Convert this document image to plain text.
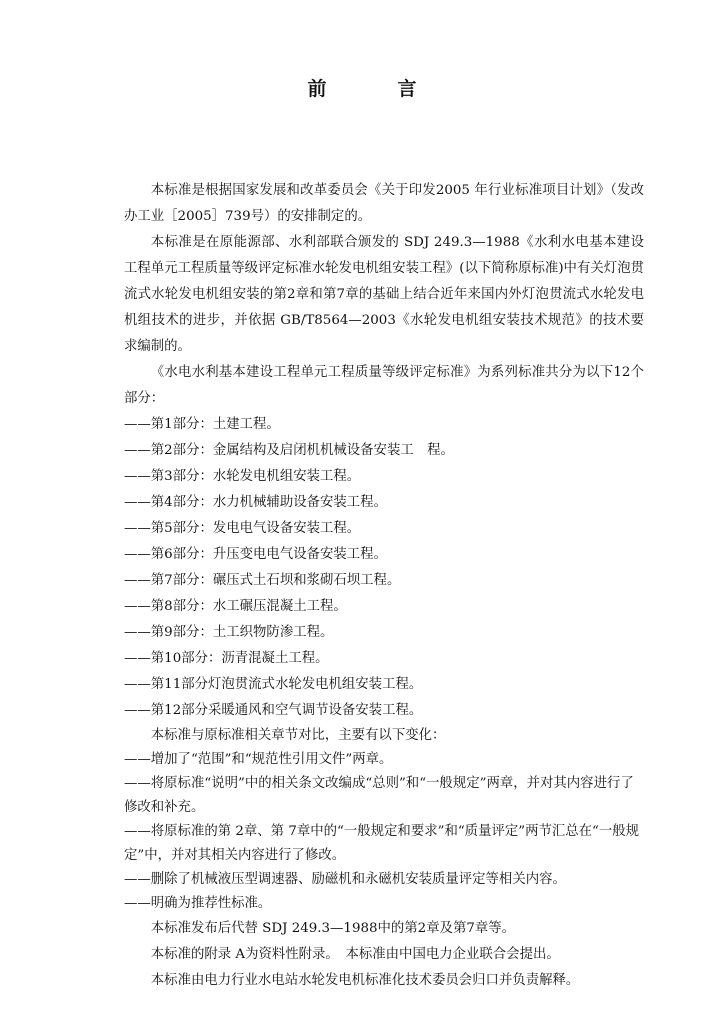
前　言

本标准是根据国家发展和改革委员会《关于印发2005 年行业标准项目计划》（发改办工业［2005］739号）的安排制定的。

本标准是在原能源部、水利部联合颁发的 SDJ 249.3—1988《水利水电基本建设工程单元工程质量等级评定标准水轮发电机组安装工程》(以下简称原标准)中有关灯泡贯流式水轮发电机组安装的第2章和第7章的基础上结合近年来国内外灯泡贯流式水轮发电机组技术的进步，并依据 GB/T8564—2003《水轮发电机组安装技术规范》的技术要求编制的。

《水电水利基本建设工程单元工程质量等级评定标准》为系列标准共分为以下12个部分：

——第1部分：土建工程。

——第2部分：金属结构及启闭机机械设备安装工　程。

——第3部分：水轮发电机组安装工程。

——第4部分：水力机械辅助设备安装工程。

——第5部分：发电电气设备安装工程。

——第6部分：升压变电电气设备安装工程。

——第7部分：碾压式土石坝和浆砌石坝工程。

——第8部分：水工碾压混凝土工程。

——第9部分：土工织物防渗工程。

——第10部分：沥青混凝土工程。

——第11部分灯泡贯流式水轮发电机组安装工程。

——第12部分采暖通风和空气调节设备安装工程。

本标准与原标准相关章节对比，主要有以下变化：

——增加了“范围”和“规范性引用文件”两章。

——将原标准“说明”中的相关条文改编成“总则”和“一般规定”两章，并对其内容进行了修改和补充。

——将原标准的第 2章、第 7章中的“一般规定和要求”和“质量评定”两节汇总在“一般规定”中，并对其相关内容进行了修改。

——删除了机械液压型调速器、励磁机和永磁机安装质量评定等相关内容。

——明确为推荐性标准。

本标准发布后代替 SDJ 249.3—1988中的第2章及第7章等。

本标准的附录 A为资料性附录。　本标准由中国电力企业联合会提出。

本标准由电力行业水电站水轮发电机标准化技术委员会归口并负责解释。
